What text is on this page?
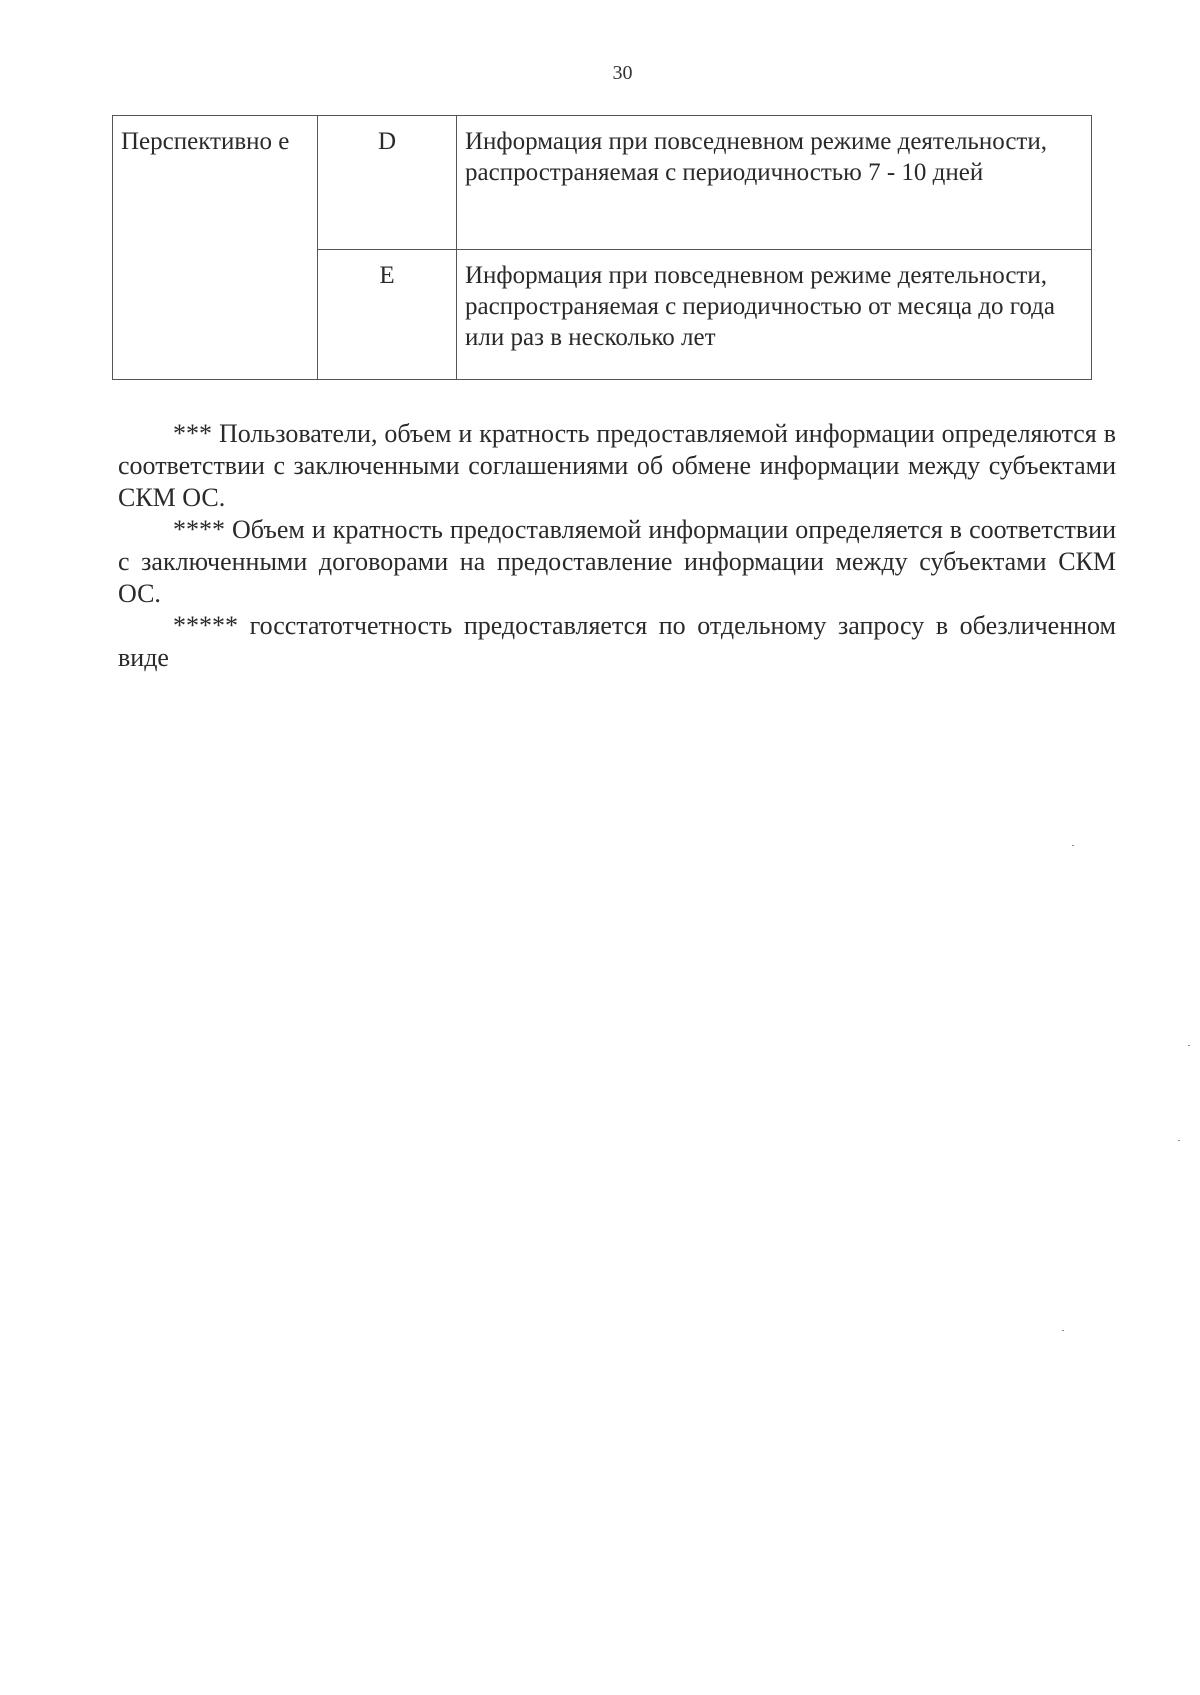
30
Перспективно е	D	Информация при повседневном режиме деятельности, распространяемая с периодичностью 7 - 10 дней
	E	Информация при повседневном режиме деятельности, распространяемая с периодичностью от месяца до года или раз в несколько лет

*** Пользователи, объем и кратность предоставляемой информации определяются в соответствии с заключенными соглашениями об обмене информации между субъектами СКМ ОС.

**** Объем и кратность предоставляемой информации определяется в соответствии с заключенными договорами на предоставление информации между субъектами СКМ ОС.

***** госстатотчетность предоставляется по отдельному запросу в обезличенном виде
